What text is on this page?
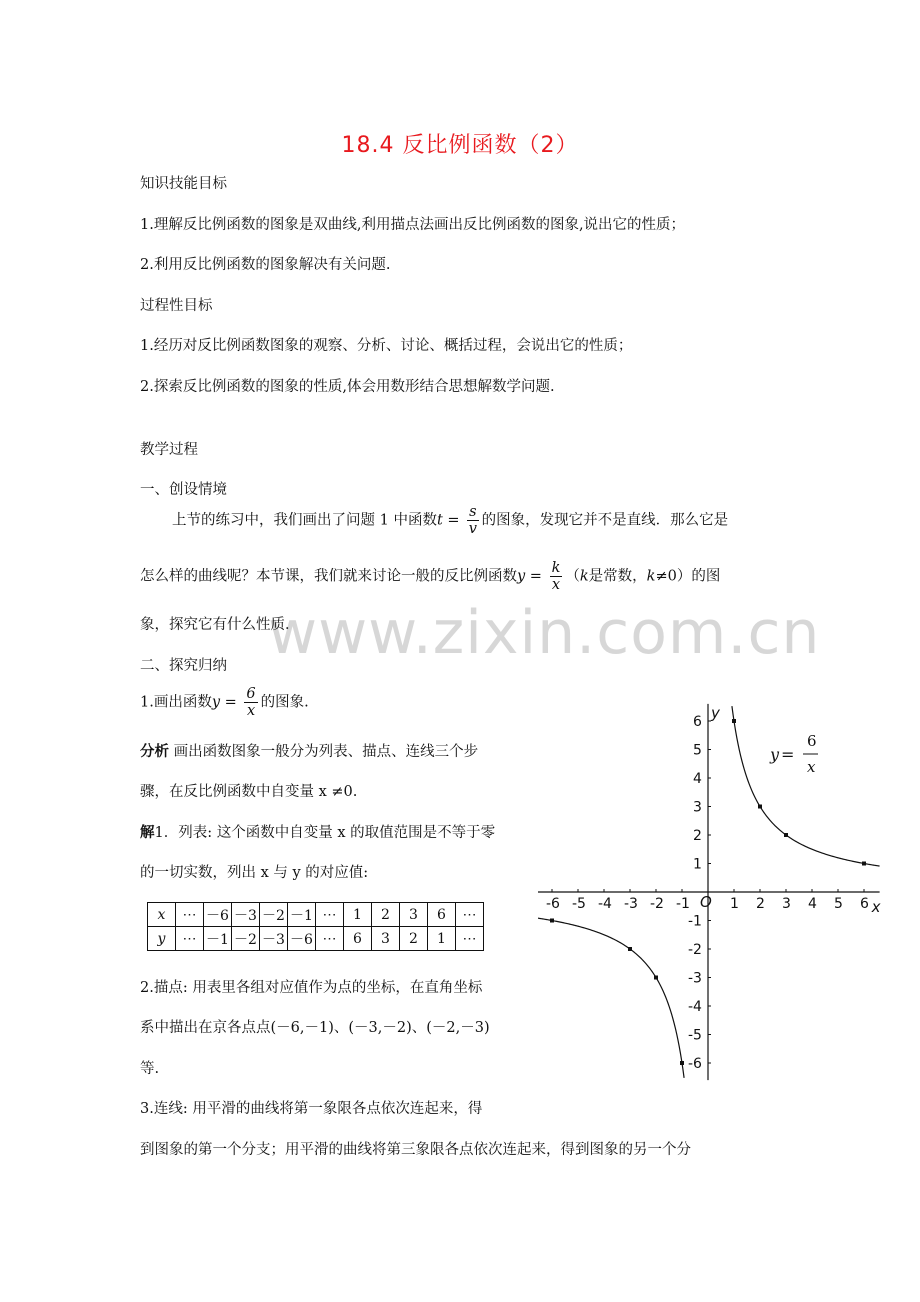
www.zixin.com.cn
18.4 反比例函数（2）
知识技能目标
1.理解反比例函数的图象是双曲线,利用描点法画出反比例函数的图象,说出它的性质；
2.利用反比例函数的图象解决有关问题.
过程性目标
1.经历对反比例函数图象的观察、分析、讨论、概括过程，会说出它的性质；
2.探索反比例函数的图象的性质,体会用数形结合思想解数学问题.
教学过程
一、创设情境
上节的练习中，我们画出了问题 1 中函数$t = \frac{s}{v}$ 的图象，发现它并不是直线．那么它是
怎么样的曲线呢？本节课，我们就来讨论一般的反比例函数$y = \frac{k}{x} (k$是常数，k≠0）的图
象，探究它有什么性质．
二、探究归纳
1.画出函数$y = \frac{6}{x}$ 的图象.
分析 画出函数图象一般分为列表、描点、连线三个步
骤，在反比例函数中自变量 x ≠0.
解1．列表: 这个函数中自变量 x 的取值范围是不等于零
的一切实数，列出 x 与 y 的对应值:
x	⋯	－6	－3	－2	－1	⋯	1	2	3	6	⋯
y	⋯	－1	－2	－3	－6	⋯	6	3	2	1	⋯
2.描点: 用表里各组对应值作为点的坐标，在直角坐标
系中描出在京各点点(－6,－1)、(－3,－2)、(－2,－3)
等.
3.连线: 用平滑的曲线将第一象限各点依次连起来，得
到图象的第一个分支；用平滑的曲线将第三象限各点依次连起来，得到图象的另一个分
-6 -5 -4 -3 -2 -1	1 2 3 4 5 6
-6
-5
-4
-3
-2
-1
1
2
3
4
5
6
O	x
y
y =
6
x
